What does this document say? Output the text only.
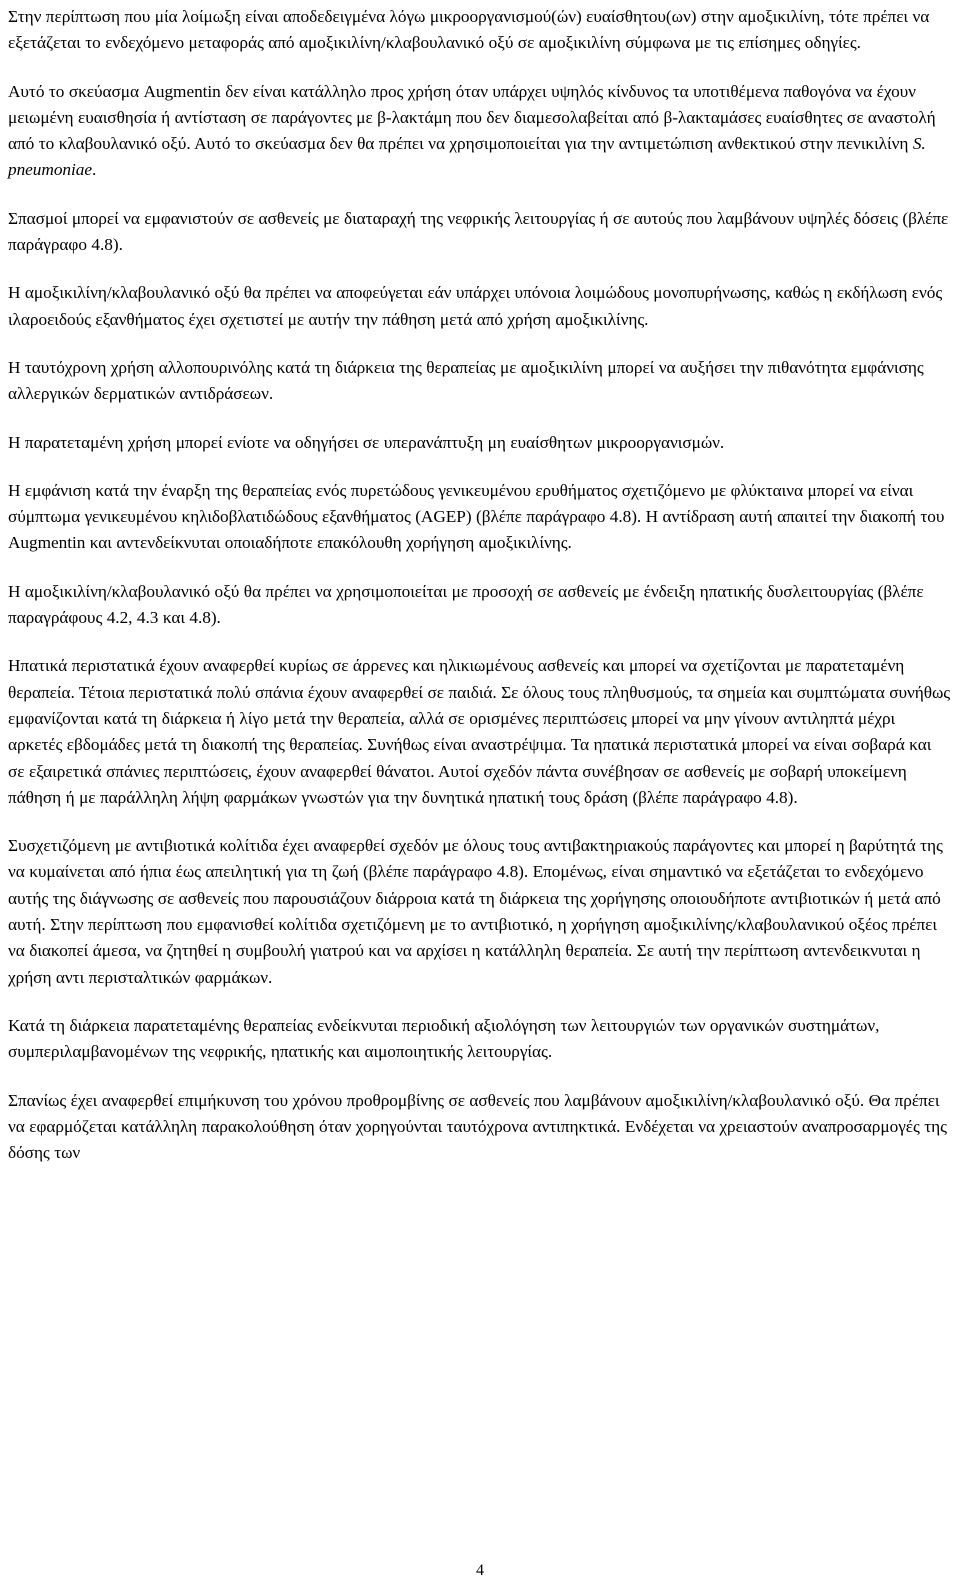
Στην περίπτωση που μία λοίμωξη είναι αποδεδειγμένα λόγω μικροοργανισμού(ών) ευαίσθητου(ων) στην αμοξικιλίνη, τότε πρέπει να εξετάζεται το ενδεχόμενο μεταφοράς από αμοξικιλίνη/κλαβουλανικό οξύ σε αμοξικιλίνη σύμφωνα με τις επίσημες οδηγίες.

Αυτό το σκεύασμα Augmentin δεν είναι κατάλληλο προς χρήση όταν υπάρχει υψηλός κίνδυνος τα υποτιθέμενα παθογόνα να έχουν μειωμένη ευαισθησία ή αντίσταση σε παράγοντες με β-λακτάμη που δεν διαμεσολαβείται από β-λακταμάσες ευαίσθητες σε αναστολή από το κλαβουλανικό οξύ. Αυτό το σκεύασμα δεν θα πρέπει να χρησιμοποιείται για την αντιμετώπιση ανθεκτικού στην πενικιλίνη S. pneumoniae.

Σπασμοί μπορεί να εμφανιστούν σε ασθενείς με διαταραχή της νεφρικής λειτουργίας ή σε αυτούς που λαμβάνουν υψηλές δόσεις (βλέπε παράγραφο 4.8).

Η αμοξικιλίνη/κλαβουλανικό οξύ θα πρέπει να αποφεύγεται εάν υπάρχει υπόνοια λοιμώδους μονοπυρήνωσης, καθώς η εκδήλωση ενός ιλαροειδούς εξανθήματος έχει σχετιστεί με αυτήν την πάθηση μετά από χρήση αμοξικιλίνης.

Η ταυτόχρονη χρήση αλλοπουρινόλης κατά τη διάρκεια της θεραπείας με αμοξικιλίνη μπορεί να αυξήσει την πιθανότητα εμφάνισης αλλεργικών δερματικών αντιδράσεων.

Η παρατεταμένη χρήση μπορεί ενίοτε να οδηγήσει σε υπερανάπτυξη μη ευαίσθητων μικροοργανισμών.

Η εμφάνιση κατά την έναρξη της θεραπείας ενός πυρετώδους γενικευμένου ερυθήματος σχετιζόμενο με φλύκταινα μπορεί να είναι σύμπτωμα γενικευμένου κηλιδοβλατιδώδους εξανθήματος (AGEP) (βλέπε παράγραφο 4.8). Η αντίδραση αυτή απαιτεί την διακοπή του Augmentin και αντενδείκνυται οποιαδήποτε επακόλουθη χορήγηση αμοξικιλίνης.

Η αμοξικιλίνη/κλαβουλανικό οξύ θα πρέπει να χρησιμοποιείται με προσοχή σε ασθενείς με ένδειξη ηπατικής δυσλειτουργίας (βλέπε παραγράφους 4.2, 4.3 και 4.8).

Ηπατικά περιστατικά έχουν αναφερθεί κυρίως σε άρρενες και ηλικιωμένους ασθενείς και μπορεί να σχετίζονται με παρατεταμένη θεραπεία. Τέτοια περιστατικά πολύ σπάνια έχουν αναφερθεί σε παιδιά. Σε όλους τους πληθυσμούς, τα σημεία και συμπτώματα συνήθως εμφανίζονται κατά τη διάρκεια ή λίγο μετά την θεραπεία, αλλά σε ορισμένες περιπτώσεις μπορεί να μην γίνουν αντιληπτά μέχρι αρκετές εβδομάδες μετά τη διακοπή της θεραπείας. Συνήθως είναι αναστρέψιμα. Τα ηπατικά περιστατικά μπορεί να είναι σοβαρά και σε εξαιρετικά σπάνιες περιπτώσεις, έχουν αναφερθεί θάνατοι. Αυτοί σχεδόν πάντα συνέβησαν σε ασθενείς με σοβαρή υποκείμενη πάθηση ή με παράλληλη λήψη φαρμάκων γνωστών για την δυνητικά ηπατική τους δράση (βλέπε παράγραφο 4.8).

Συσχετιζόμενη με αντιβιοτικά κολίτιδα έχει αναφερθεί σχεδόν με όλους τους αντιβακτηριακούς παράγοντες και μπορεί η βαρύτητά της να κυμαίνεται από ήπια έως απειλητική για τη ζωή (βλέπε παράγραφο 4.8). Επομένως, είναι σημαντικό να εξετάζεται το ενδεχόμενο αυτής της διάγνωσης σε ασθενείς που παρουσιάζουν διάρροια κατά τη διάρκεια της χορήγησης οποιουδήποτε αντιβιοτικών ή μετά από αυτή. Στην περίπτωση που εμφανισθεί κολίτιδα σχετιζόμενη με το αντιβιοτικό, η χορήγηση αμοξικιλίνης/κλαβουλανικού οξέος πρέπει να διακοπεί άμεσα, να ζητηθεί η συμβουλή γιατρού και να αρχίσει η κατάλληλη θεραπεία. Σε αυτή την περίπτωση αντενδεικνυται η χρήση αντι περισταλτικών φαρμάκων.

Κατά τη διάρκεια παρατεταμένης θεραπείας ενδείκνυται περιοδική αξιολόγηση των λειτουργιών των οργανικών συστημάτων, συμπεριλαμβανομένων της νεφρικής, ηπατικής και αιμοποιητικής λειτουργίας.

Σπανίως έχει αναφερθεί επιμήκυνση του χρόνου προθρομβίνης σε ασθενείς που λαμβάνουν αμοξικιλίνη/κλαβουλανικό οξύ. Θα πρέπει να εφαρμόζεται κατάλληλη παρακολούθηση όταν χορηγούνται ταυτόχρονα αντιπηκτικά. Ενδέχεται να χρειαστούν αναπροσαρμογές της δόσης των

4
